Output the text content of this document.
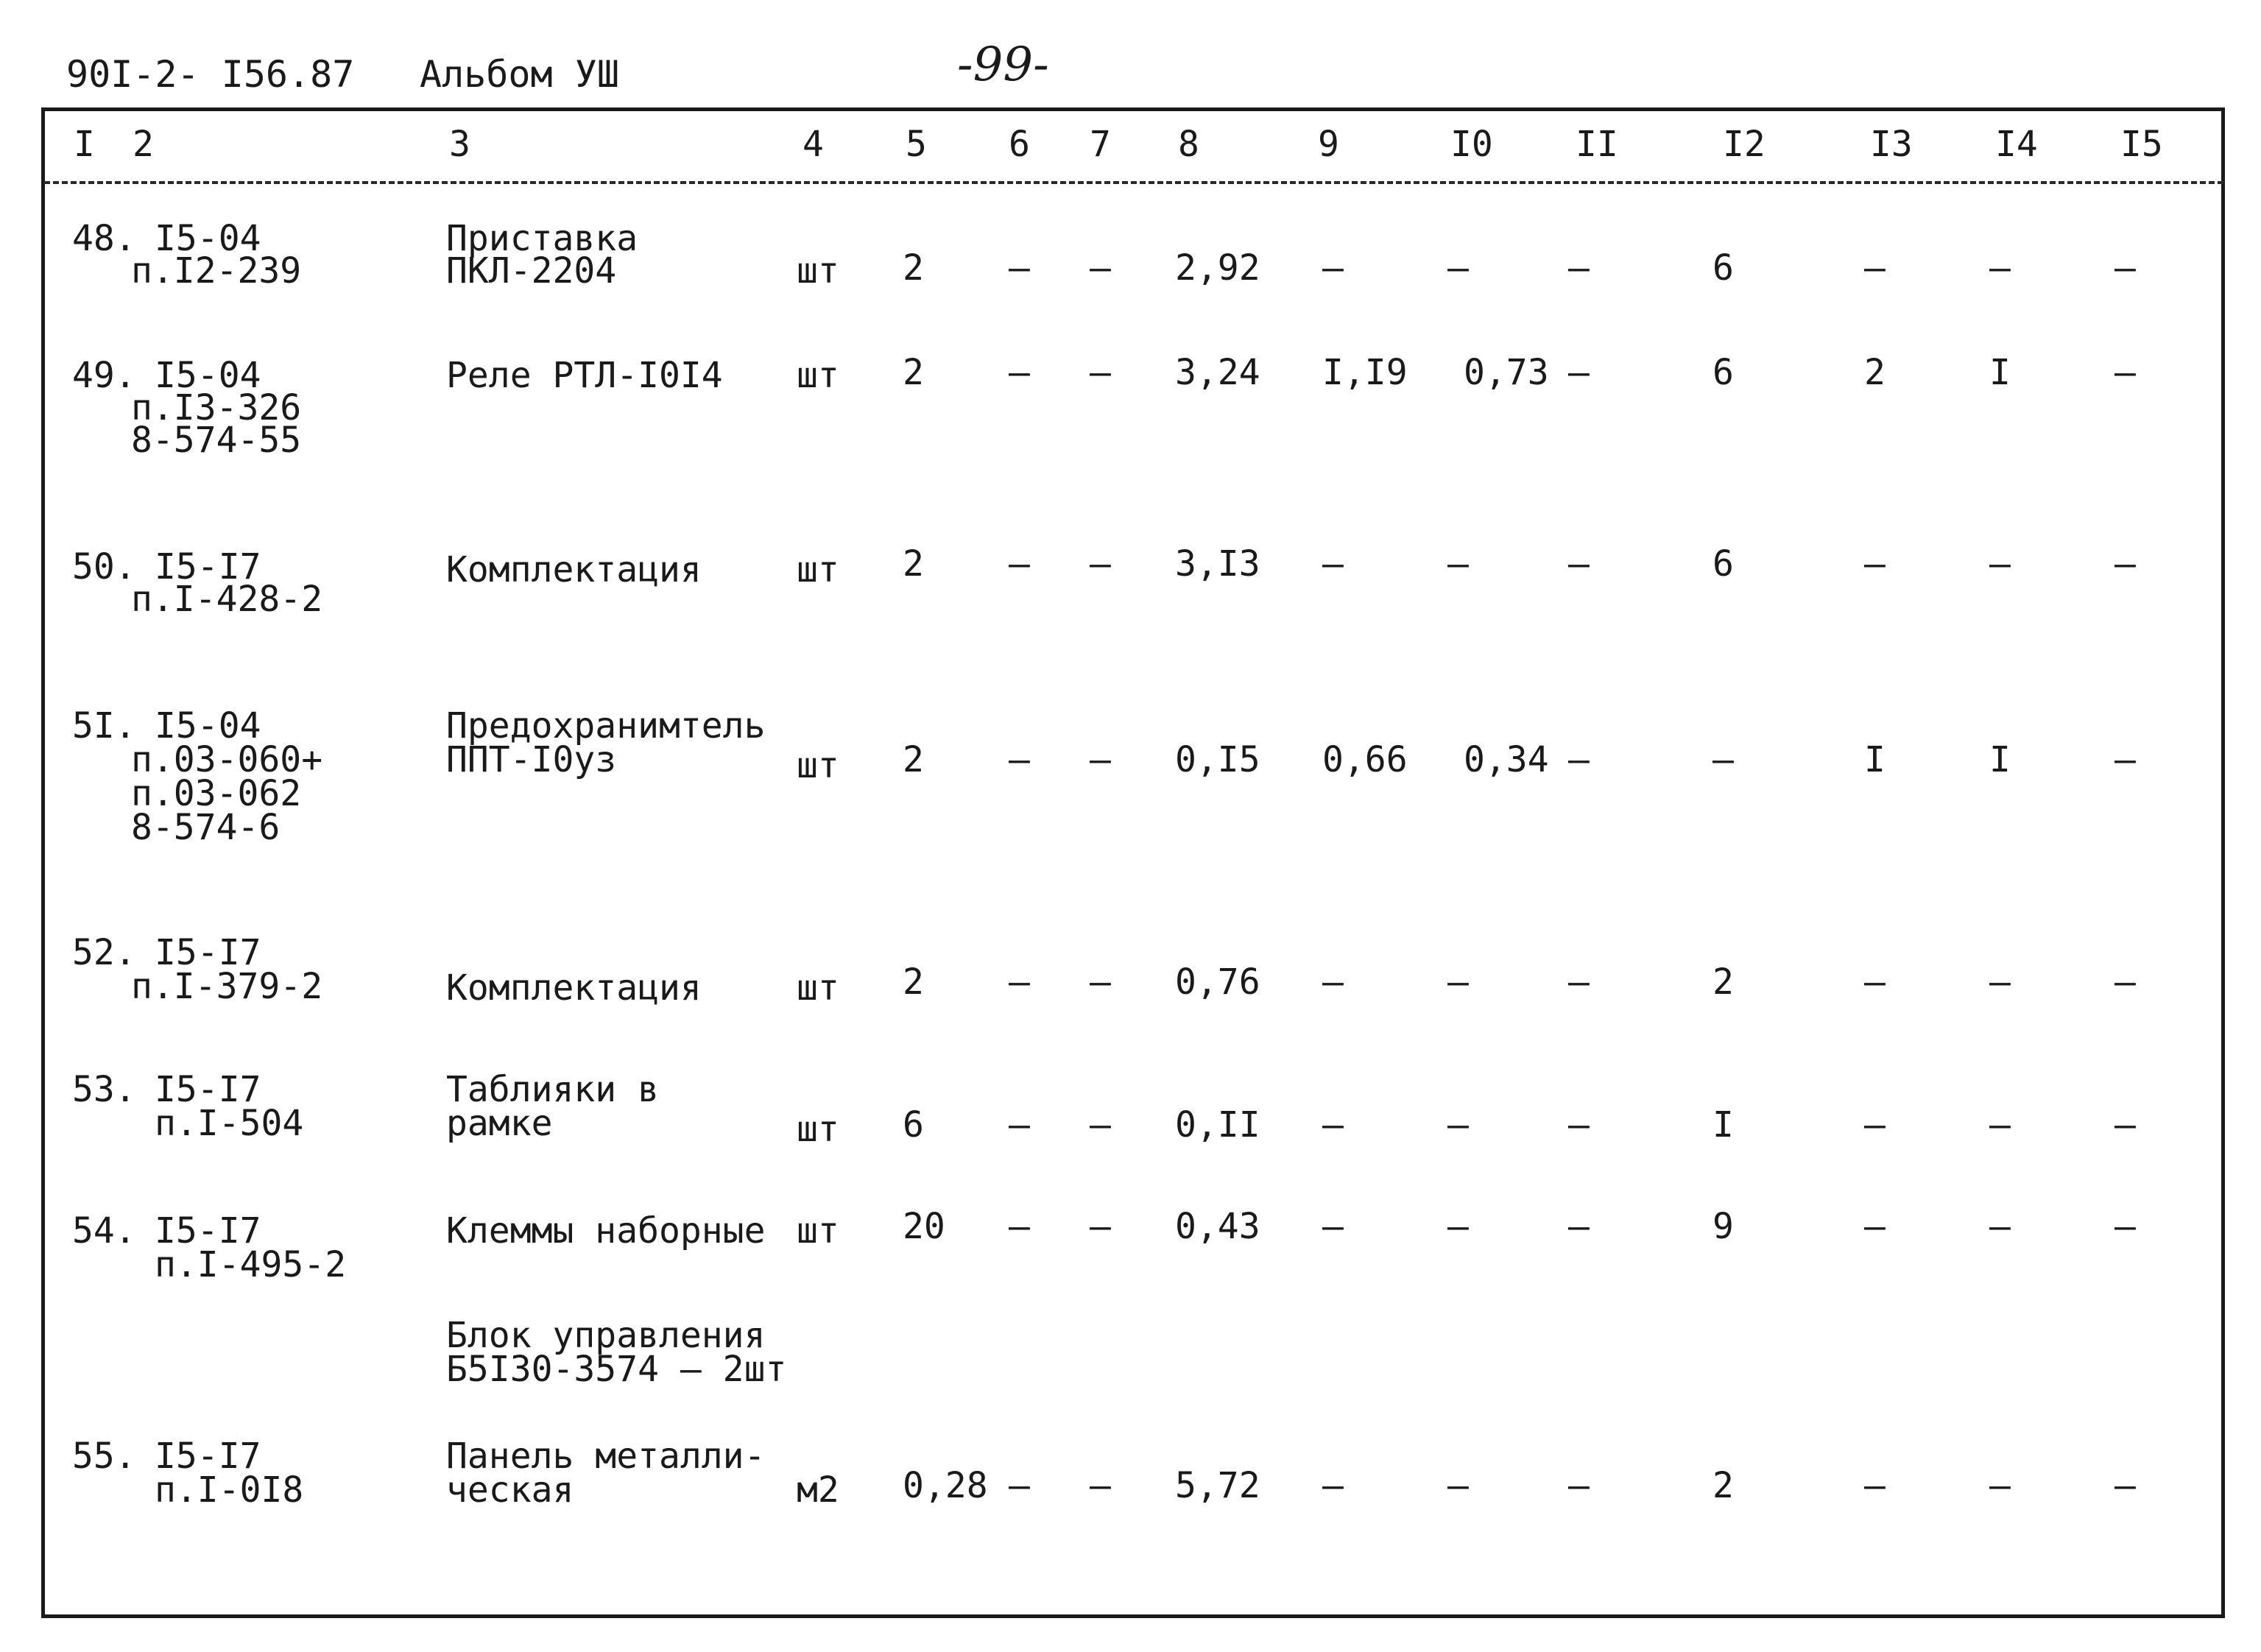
90I-2- I56.87 Альбом УШ	-99-
I 2	3	4 5 6 7 8	9	I0 II	I2	I3 I4 I5
48. I5-04
п.I2-239
Приставка
ПКЛ-2204	шт 2 – – 2,92 –	–	–	6	–	–	–
49. I5-04
п.I3-326
8-574-55
Реле РТЛ-I0I4 шт 2 – – 3,24 I,I9 0,73 –	6	2	I	–
50. I5-I7
п.I-428-2
Комплектация	шт 2 – – 3,I3 –	–	–	6	–	–	–
5I. I5-04
п.03-060+
п.03-062
8-574-6
Предохранимтель
ППТ-I0уз	шт 2 – – 0,I5 0,66 0,34 –	–	I	I	–
52. I5-I7
п.I-379-2	Комплектация	шт 2 – – 0,76 –	–	–	2	–	–	–
53. I5-I7
п.I-504
Таблияки в
рамке	шт 6 – – 0,II –	–	–	I	–	–	–
54. I5-I7
п.I-495-2
Клеммы наборные шт 20 – – 0,43 –	–	–	9	–	–	–
Блок управления
Б5I30-3574 – 2шт
55. I5-I7
п.I-0I8
Панель металли-
ческая	м2 0,28 – – 5,72 –	–	–	2	–	–	–
